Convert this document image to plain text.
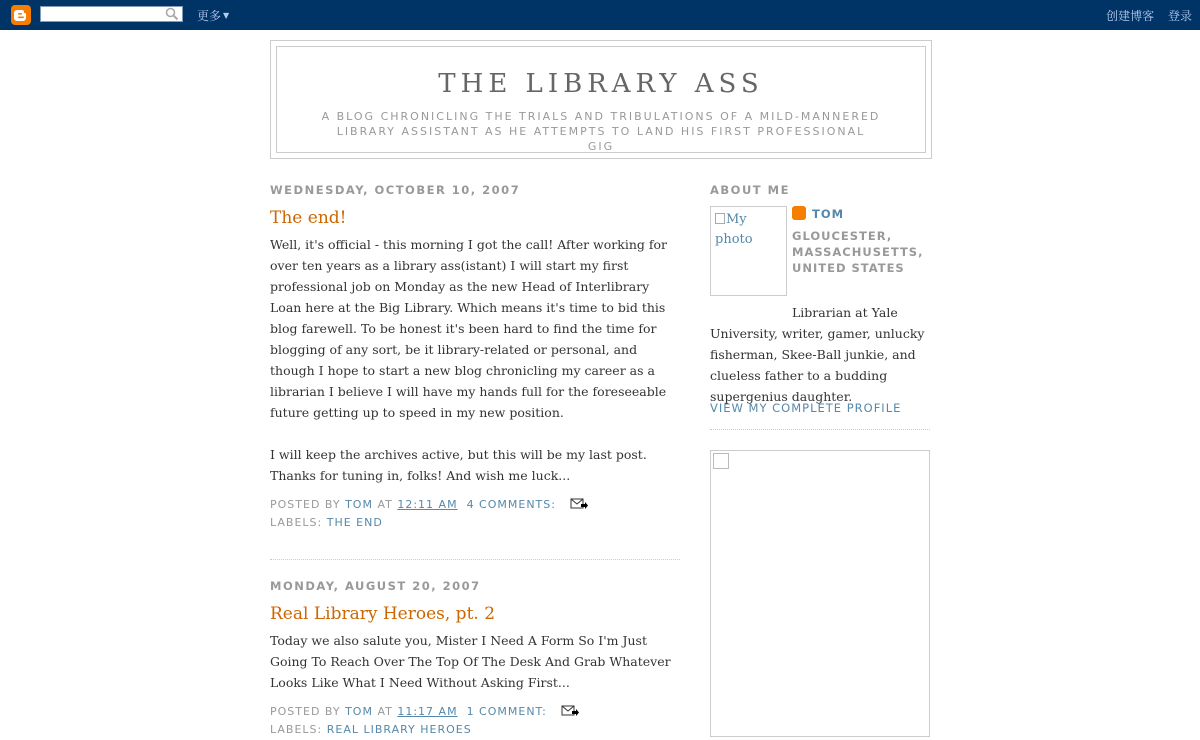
更多 ▼	创建博客 登录
THE LIBRARY ASS
A BLOG CHRONICLING THE TRIALS AND TRIBULATIONS OF A MILD-MANNERED LIBRARY ASSISTANT AS HE ATTEMPTS TO LAND HIS FIRST PROFESSIONAL GIG
WEDNESDAY, OCTOBER 10, 2007
The end!

Well, it's official - this morning I got the call! After working for over ten years as a library ass(istant) I will start my first professional job on Monday as the new Head of Interlibrary Loan here at the Big Library. Which means it's time to bid this blog farewell. To be honest it's been hard to find the time for blogging of any sort, be it library-related or personal, and though I hope to start a new blog chronicling my career as a librarian I believe I will have my hands full for the foreseeable future getting up to speed in my new position.

I will keep the archives active, but this will be my last post. Thanks for tuning in, folks! And wish me luck...

POSTED BY TOM AT 12:11 AM 4 COMMENTS:
LABELS: THE END
MONDAY, AUGUST 20, 2007
Real Library Heroes, pt. 2

Today we also salute you, Mister I Need A Form So I'm Just Going To Reach Over The Top Of The Desk And Grab Whatever Looks Like What I Need Without Asking First...

POSTED BY TOM AT 11:17 AM 1 COMMENT:
LABELS: REAL LIBRARY HEROES
ABOUT ME
My photo
TOM
GLOUCESTER, MASSACHUSETTS, UNITED STATES
Librarian at Yale University, writer, gamer, unlucky fisherman, Skee-Ball junkie, and clueless father to a budding supergenius daughter.
VIEW MY COMPLETE PROFILE
